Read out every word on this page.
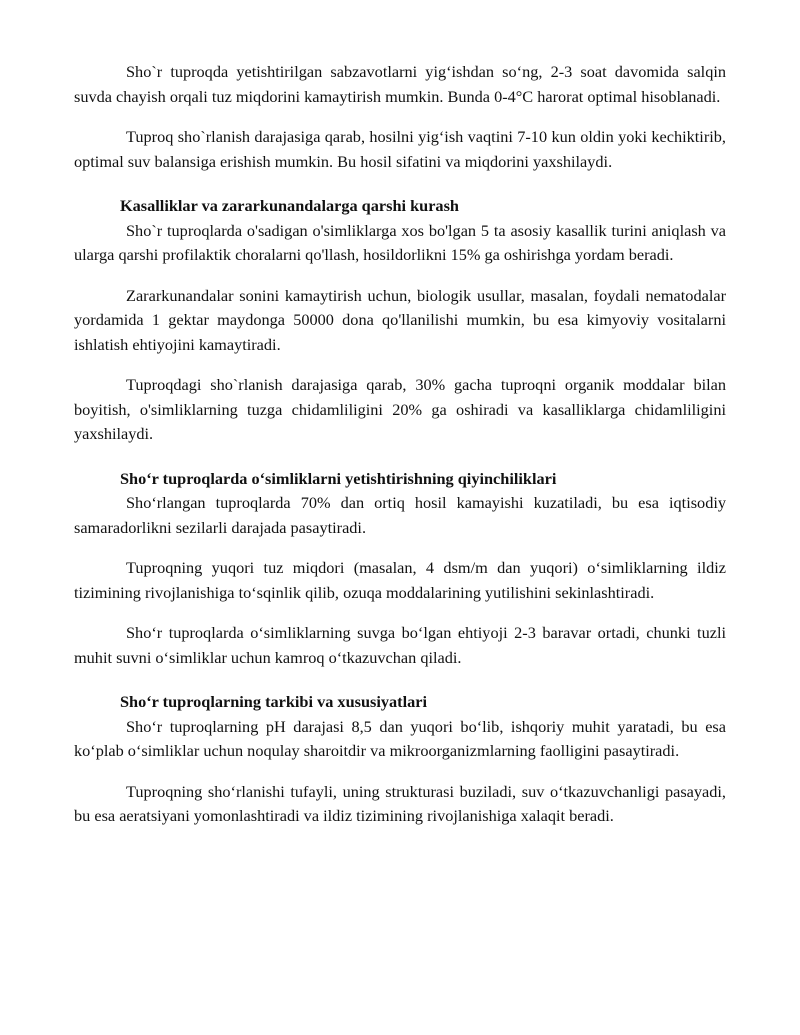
Sho`r tuproqda yetishtirilgan sabzavotlarni yig‘ishdan so‘ng, 2-3 soat davomida salqin suvda chayish orqali tuz miqdorini kamaytirish mumkin. Bunda 0-4°C harorat optimal hisoblanadi.

Tuproq sho`rlanish darajasiga qarab, hosilni yig‘ish vaqtini 7-10 kun oldin yoki kechiktirib, optimal suv balansiga erishish mumkin. Bu hosil sifatini va miqdorini yaxshilaydi.

Kasalliklar va zararkunandalarga qarshi kurash

Sho`r tuproqlarda o'sadigan o'simliklarga xos bo'lgan 5 ta asosiy kasallik turini aniqlash va ularga qarshi profilaktik choralarni qo'llash, hosildorlikni 15% ga oshirishga yordam beradi.

Zararkunandalar sonini kamaytirish uchun, biologik usullar, masalan, foydali nematodalar yordamida 1 gektar maydonga 50000 dona qo'llanilishi mumkin, bu esa kimyoviy vositalarni ishlatish ehtiyojini kamaytiradi.

Tuproqdagi sho`rlanish darajasiga qarab, 30% gacha tuproqni organik moddalar bilan boyitish, o'simliklarning tuzga chidamliligini 20% ga oshiradi va kasalliklarga chidamliligini yaxshilaydi.

Sho‘r tuproqlarda o‘simliklarni yetishtirishning qiyinchiliklari

Sho‘rlangan tuproqlarda 70% dan ortiq hosil kamayishi kuzatiladi, bu esa iqtisodiy samaradorlikni sezilarli darajada pasaytiradi.

Tuproqning yuqori tuz miqdori (masalan, 4 dsm/m dan yuqori) o‘simliklarning ildiz tizimining rivojlanishiga to‘sqinlik qilib, ozuqa moddalarining yutilishini sekinlashtiradi.

Sho‘r tuproqlarda o‘simliklarning suvga bo‘lgan ehtiyoji 2-3 baravar ortadi, chunki tuzli muhit suvni o‘simliklar uchun kamroq o‘tkazuvchan qiladi.

Sho‘r tuproqlarning tarkibi va xususiyatlari

Sho‘r tuproqlarning pH darajasi 8,5 dan yuqori bo‘lib, ishqoriy muhit yaratadi, bu esa ko‘plab o‘simliklar uchun noqulay sharoitdir va mikroorganizmlarning faolligini pasaytiradi.

Tuproqning sho‘rlanishi tufayli, uning strukturasi buziladi, suv o‘tkazuvchanligi pasayadi, bu esa aeratsiyani yomonlashtiradi va ildiz tizimining rivojlanishiga xalaqit beradi.
